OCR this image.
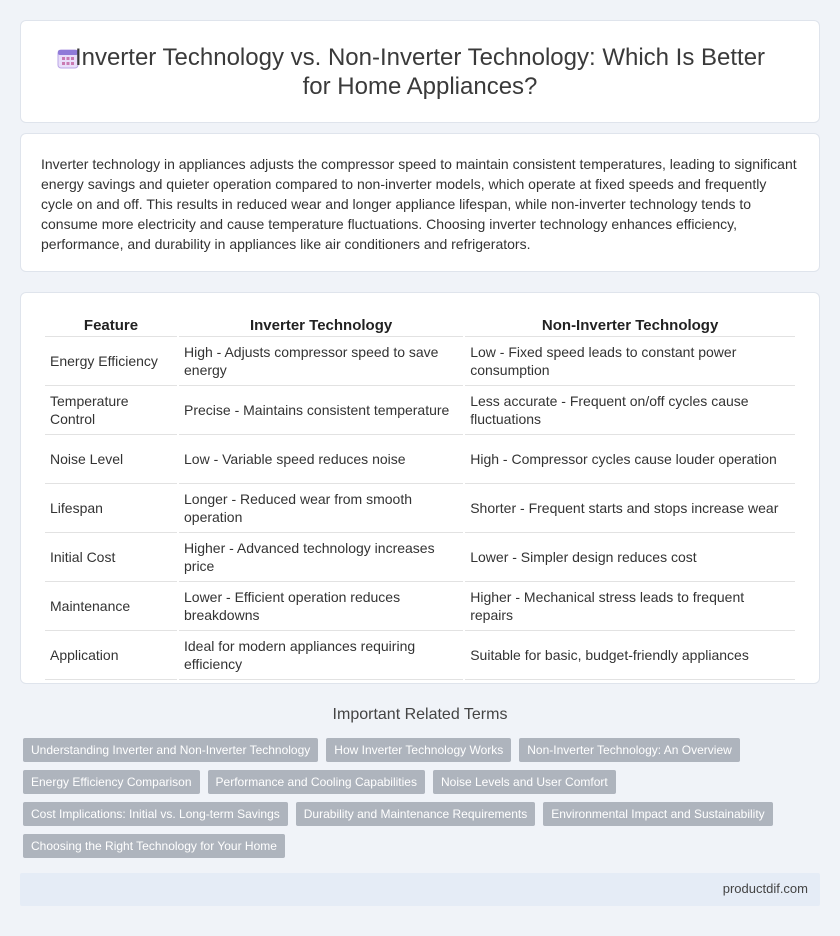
Inverter Technology vs. Non-Inverter Technology: Which Is Better for Home Appliances?

Inverter technology in appliances adjusts the compressor speed to maintain consistent temperatures, leading to significant energy savings and quieter operation compared to non-inverter models, which operate at fixed speeds and frequently cycle on and off. This results in reduced wear and longer appliance lifespan, while non-inverter technology tends to consume more electricity and cause temperature fluctuations. Choosing inverter technology enhances efficiency, performance, and durability in appliances like air conditioners and refrigerators.

Feature	Inverter Technology	Non-Inverter Technology
Energy Efficiency	High - Adjusts compressor speed to save energy	Low - Fixed speed leads to constant power consumption
Temperature Control	Precise - Maintains consistent temperature	Less accurate - Frequent on/off cycles cause fluctuations
Noise Level	Low - Variable speed reduces noise	High - Compressor cycles cause louder operation
Lifespan	Longer - Reduced wear from smooth operation	Shorter - Frequent starts and stops increase wear
Initial Cost	Higher - Advanced technology increases price	Lower - Simpler design reduces cost
Maintenance	Lower - Efficient operation reduces breakdowns	Higher - Mechanical stress leads to frequent repairs
Application	Ideal for modern appliances requiring efficiency	Suitable for basic, budget-friendly appliances
Important Related Terms
Understanding Inverter and Non-Inverter Technology	How Inverter Technology Works	Non-Inverter Technology: An Overview
Energy Efficiency Comparison	Performance and Cooling Capabilities	Noise Levels and User Comfort
Cost Implications: Initial vs. Long-term Savings	Durability and Maintenance Requirements	Environmental Impact and Sustainability
Choosing the Right Technology for Your Home
productdif.com
